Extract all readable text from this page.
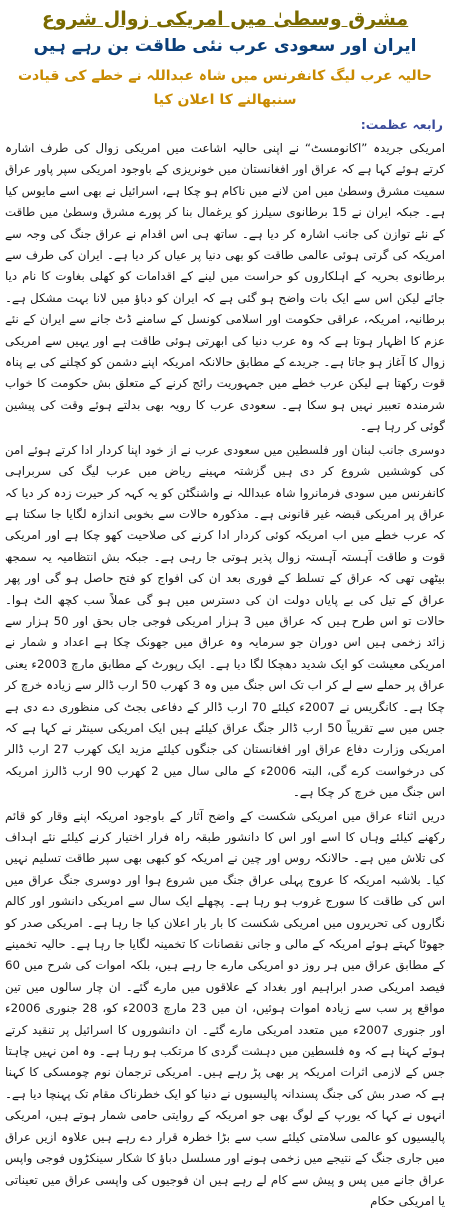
مشرق وسطیٰ میں امریکی زوال شروع
ایران اور سعودی عرب نئی طاقت بن رہے ہیں
حالیہ عرب لیگ کانفرنس میں شاہ عبداللہ نے خطے کی قیادت سنبھالنے کا اعلان کیا
رابعہ عظمت:

امریکی جریدہ ”اکانومسٹ“ نے اپنی حالیہ اشاعت میں امریکی زوال کی طرف اشارہ کرتے ہوئے کہا ہے کہ عراق اور افغانستان میں خونریزی کے باوجود امریکی سپر پاور عراق سمیت مشرق وسطیٰ میں امن لانے میں ناکام ہو چکا ہے، اسرائیل نے بھی اسے مایوس کیا ہے۔ جبکہ ایران نے 15 برطانوی سیلرز کو یرغمال بنا کر پورے مشرق وسطیٰ میں طاقت کے نئے توازن کی جانب اشارہ کر دیا ہے۔ ساتھ ہی اس اقدام نے عراق جنگ کی وجہ سے امریکہ کی گرتی ہوئی عالمی طاقت کو بھی دنیا پر عیاں کر دیا ہے۔ ایران کی طرف سے برطانوی بحریہ کے اہلکاروں کو حراست میں لینے کے اقدامات کو کھلی بغاوت کا نام دیا جائے لیکن اس سے ایک بات واضح ہو گئی ہے کہ ایران کو دباؤ میں لانا بہت مشکل ہے۔ برطانیہ، امریکہ، عراقی حکومت اور اسلامی کونسل کے سامنے ڈٹ جانے سے ایران کے نئے عزم کا اظہار ہوتا ہے کہ وہ عرب دنیا کی ابھرتی ہوئی طاقت ہے اور یہیں سے امریکی زوال کا آغاز ہو جاتا ہے۔ جریدے کے مطابق حالانکہ امریکہ اپنے دشمن کو کچلنے کی بے پناہ قوت رکھتا ہے لیکن عرب خطے میں جمہوریت رائج کرنے کے متعلق بش حکومت کا خواب شرمندہ تعبیر نہیں ہو سکا ہے۔ سعودی عرب کا رویہ بھی بدلتے ہوئے وقت کی پیشین گوئی کر رہا ہے۔

دوسری جانب لبنان اور فلسطین میں سعودی عرب نے از خود اپنا کردار ادا کرتے ہوئے امن کی کوششیں شروع کر دی ہیں گزشتہ مہینے ریاض میں عرب لیگ کی سربراہی کانفرنس میں سودی فرمانروا شاہ عبداللہ نے واشنگٹن کو یہ کہہ کر حیرت زدہ کر دیا کہ عراق پر امریکی قبضہ غیر قانونی ہے۔ مذکورہ حالات سے بخوبی اندازہ لگایا جا سکتا ہے کہ عرب خطے میں اب امریکہ کوئی کردار ادا کرنے کی صلاحیت کھو چکا ہے اور امریکی قوت و طاقت آہستہ آہستہ زوال پذیر ہوتی جا رہی ہے۔ جبکہ بش انتظامیہ یہ سمجھ بیٹھی تھی کہ عراق کے تسلط کے فوری بعد ان کی افواج کو فتح حاصل ہو گی اور پھر عراق کے تیل کی بے پایاں دولت ان کی دسترس میں ہو گی عملاً سب کچھ الٹ ہوا۔ حالات تو اس طرح ہیں کہ عراق میں 3 ہزار امریکی فوجی جاں بحق اور 50 ہزار سے زائد زخمی ہیں اس دوران جو سرمایہ وہ عراق میں جھونک چکا ہے اعداد و شمار نے امریکی معیشت کو ایک شدید دھچکا لگا دیا ہے۔ ایک رپورٹ کے مطابق مارچ 2003ء یعنی عراق پر حملے سے لے کر اب تک اس جنگ میں وہ 3 کھرب 50 ارب ڈالر سے زیادہ خرچ کر چکا ہے۔ کانگریس نے 2007ء کیلئے 70 ارب ڈالر کے دفاعی بجٹ کی منظوری دے دی ہے جس میں سے تقریباً 50 ارب ڈالر جنگ عراق کیلئے ہیں ایک امریکی سینٹر نے کہا ہے کہ امریکی وزارت دفاع عراق اور افغانستان کی جنگوں کیلئے مزید ایک کھرب 27 ارب ڈالر کی درخواست کرے گی، البتہ 2006ء کے مالی سال میں 2 کھرب 90 ارب ڈالرز امریکہ اس جنگ میں خرچ کر چکا ہے۔

دریں اثناء عراق میں امریکی شکست کے واضح آثار کے باوجود امریکہ اپنے وقار کو قائم رکھنے کیلئے وہاں کا اسے اور اس کا دانشور طبقہ راہ فرار اختیار کرنے کیلئے نئے اہداف کی تلاش میں ہے۔ حالانکہ روس اور چین نے امریکہ کو کبھی بھی سپر طاقت تسلیم نہیں کیا۔ بلاشبہ امریکہ کا عروج پہلی عراق جنگ میں شروع ہوا اور دوسری جنگ عراق میں اس کی طاقت کا سورج غروب ہو رہا ہے۔ پچھلے ایک سال سے امریکی دانشور اور کالم نگاروں کی تحریروں میں امریکی شکست کا بار بار اعلان کیا جا رہا ہے۔ امریکی صدر کو جھوٹا کہتے ہوئے امریکہ کے مالی و جانی نقصانات کا تخمینہ لگایا جا رہا ہے۔ حالیہ تخمینے کے مطابق عراق میں ہر روز دو امریکی مارے جا رہے ہیں، بلکہ اموات کی شرح میں 60 فیصد امریکی صدر ابراہیم اور بغداد کے علاقوں میں مارے گئے۔ ان چار سالوں میں تین مواقع پر سب سے زیادہ اموات ہوئیں، ان میں 23 مارچ 2003ء کو، 28 جنوری 2006ء اور جنوری 2007ء میں متعدد امریکی مارے گئے۔ ان دانشوروں کا اسرائیل پر تنقید کرتے ہوئے کہنا ہے کہ وہ فلسطین میں دہشت گردی کا مرتکب ہو رہا ہے۔ وہ امن نہیں چاہتا جس کے لازمی اثرات امریکہ پر بھی پڑ رہے ہیں۔ امریکی ترجمان نوم چومسکی کا کہنا ہے کہ صدر بش کی جنگ پسندانہ پالیسیوں نے دنیا کو ایک خطرناک مقام تک پہنچا دیا ہے۔ انہوں نے کہا کہ یورپ کے لوگ بھی جو امریکہ کے روایتی حامی شمار ہوتے ہیں، امریکی پالیسیوں کو عالمی سلامتی کیلئے سب سے بڑا خطرہ قرار دے رہے ہیں علاوہ ازیں عراق میں جاری جنگ کے نتیجے میں زخمی ہونے اور مسلسل دباؤ کا شکار سینکڑوں فوجی واپس عراق جانے میں پس و پیش سے کام لے رہے ہیں ان فوجیوں کی واپسی عراق میں تعیناتی یا امریکی حکام
